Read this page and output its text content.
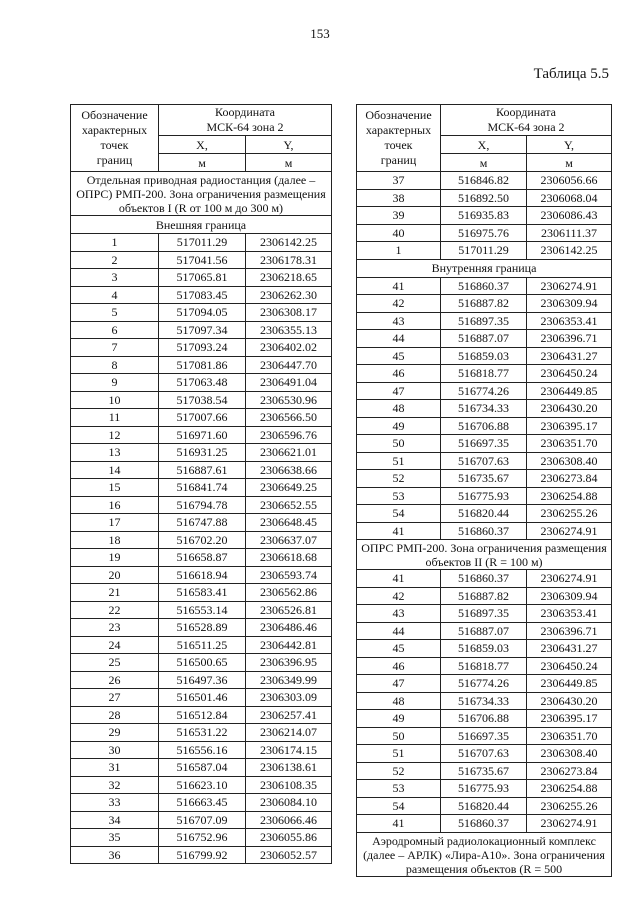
153
Таблица 5.5
Обозначение
характерных
точек
границ	Координата
МСК-64 зона 2	
	X,	Y,
	м	м
Отдельная приводная радиостанция (далее – ОПРС) РМП-200. Зона ограничения размещения объектов I (R от 100 м до 300 м)		
Внешняя граница		
1	517011.29	2306142.25
2	517041.56	2306178.31
3	517065.81	2306218.65
4	517083.45	2306262.30
5	517094.05	2306308.17
6	517097.34	2306355.13
7	517093.24	2306402.02
8	517081.86	2306447.70
9	517063.48	2306491.04
10	517038.54	2306530.96
11	517007.66	2306566.50
12	516971.60	2306596.76
13	516931.25	2306621.01
14	516887.61	2306638.66
15	516841.74	2306649.25
16	516794.78	2306652.55
17	516747.88	2306648.45
18	516702.20	2306637.07
19	516658.87	2306618.68
20	516618.94	2306593.74
21	516583.41	2306562.86
22	516553.14	2306526.81
23	516528.89	2306486.46
24	516511.25	2306442.81
25	516500.65	2306396.95
26	516497.36	2306349.99
27	516501.46	2306303.09
28	516512.84	2306257.41
29	516531.22	2306214.07
30	516556.16	2306174.15
31	516587.04	2306138.61
32	516623.10	2306108.35
33	516663.45	2306084.10
34	516707.09	2306066.46
35	516752.96	2306055.86
36	516799.92	2306052.57
Обозначение
характерных
точек
границ	Координата
МСК-64 зона 2	
	X,	Y,
	м	м
37	516846.82	2306056.66
38	516892.50	2306068.04
39	516935.83	2306086.43
40	516975.76	2306111.37
1	517011.29	2306142.25
Внутренняя граница		
41	516860.37	2306274.91
42	516887.82	2306309.94
43	516897.35	2306353.41
44	516887.07	2306396.71
45	516859.03	2306431.27
46	516818.77	2306450.24
47	516774.26	2306449.85
48	516734.33	2306430.20
49	516706.88	2306395.17
50	516697.35	2306351.70
51	516707.63	2306308.40
52	516735.67	2306273.84
53	516775.93	2306254.88
54	516820.44	2306255.26
41	516860.37	2306274.91
ОПРС РМП-200. Зона ограничения размещения объектов II (R = 100 м)		
41	516860.37	2306274.91
42	516887.82	2306309.94
43	516897.35	2306353.41
44	516887.07	2306396.71
45	516859.03	2306431.27
46	516818.77	2306450.24
47	516774.26	2306449.85
48	516734.33	2306430.20
49	516706.88	2306395.17
50	516697.35	2306351.70
51	516707.63	2306308.40
52	516735.67	2306273.84
53	516775.93	2306254.88
54	516820.44	2306255.26
41	516860.37	2306274.91
Аэродромный радиолокационный комплекс (далее – АРЛК) «Лира-А10». Зона ограничения размещения объектов (R = 500		
